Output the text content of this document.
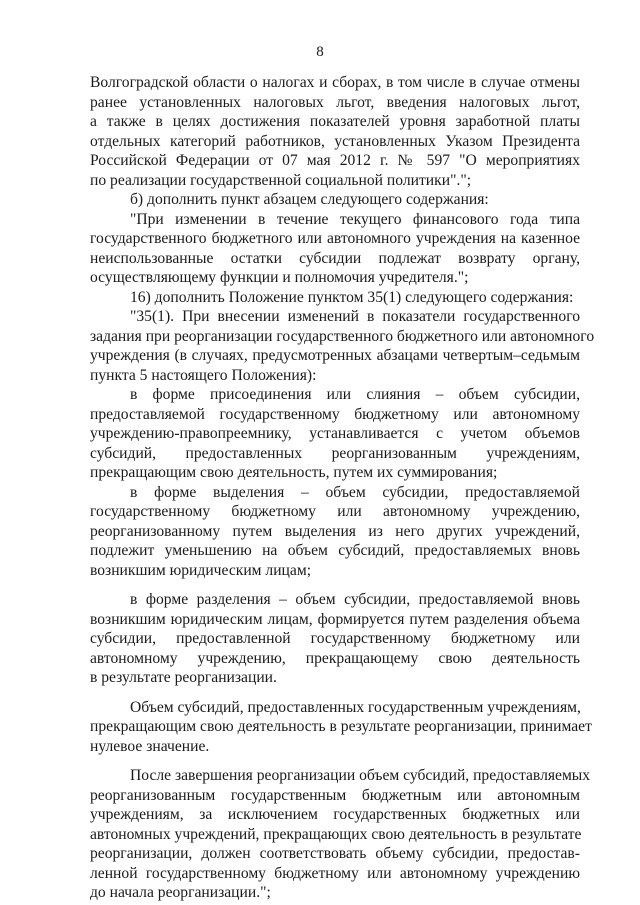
8
Волгоградской области о налогах и сборах, в том числе в случае отмены
ранее установленных налоговых льгот, введения налоговых льгот,
а также в целях достижения показателей уровня заработной платы
отдельных категорий работников, установленных Указом Президента
Российской Федерации от 07 мая 2012 г. № 597 "О мероприятиях
по реализации государственной социальной политики".";
б) дополнить пункт абзацем следующего содержания:
"При изменении в течение текущего финансового года типа
государственного бюджетного или автономного учреждения на казенное
неиспользованные остатки субсидии подлежат возврату органу,
осуществляющему функции и полномочия учредителя.";
16) дополнить Положение пунктом 35(1) следующего содержания:
"35(1). При внесении изменений в показатели государственного
задания при реорганизации государственного бюджетного или автономного
учреждения (в случаях, предусмотренных абзацами четвертым–седьмым
пункта 5 настоящего Положения):
в форме присоединения или слияния – объем субсидии,
предоставляемой государственному бюджетному или автономному
учреждению-правопреемнику, устанавливается с учетом объемов
субсидий, предоставленных реорганизованным учреждениям,
прекращающим свою деятельность, путем их суммирования;
в форме выделения – объем субсидии, предоставляемой
государственному бюджетному или автономному учреждению,
реорганизованному путем выделения из него других учреждений,
подлежит уменьшению на объем субсидий, предоставляемых вновь
возникшим юридическим лицам;
в форме разделения – объем субсидии, предоставляемой вновь
возникшим юридическим лицам, формируется путем разделения объема
субсидии, предоставленной государственному бюджетному или
автономному учреждению, прекращающему свою деятельность
в результате реорганизации.
Объем субсидий, предоставленных государственным учреждениям,
прекращающим свою деятельность в результате реорганизации, принимает
нулевое значение.
После завершения реорганизации объем субсидий, предоставляемых
реорганизованным государственным бюджетным или автономным
учреждениям, за исключением государственных бюджетных или
автономных учреждений, прекращающих свою деятельность в результате
реорганизации, должен соответствовать объему субсидии, предостав-
ленной государственному бюджетному или автономному учреждению
до начала реорганизации.";
